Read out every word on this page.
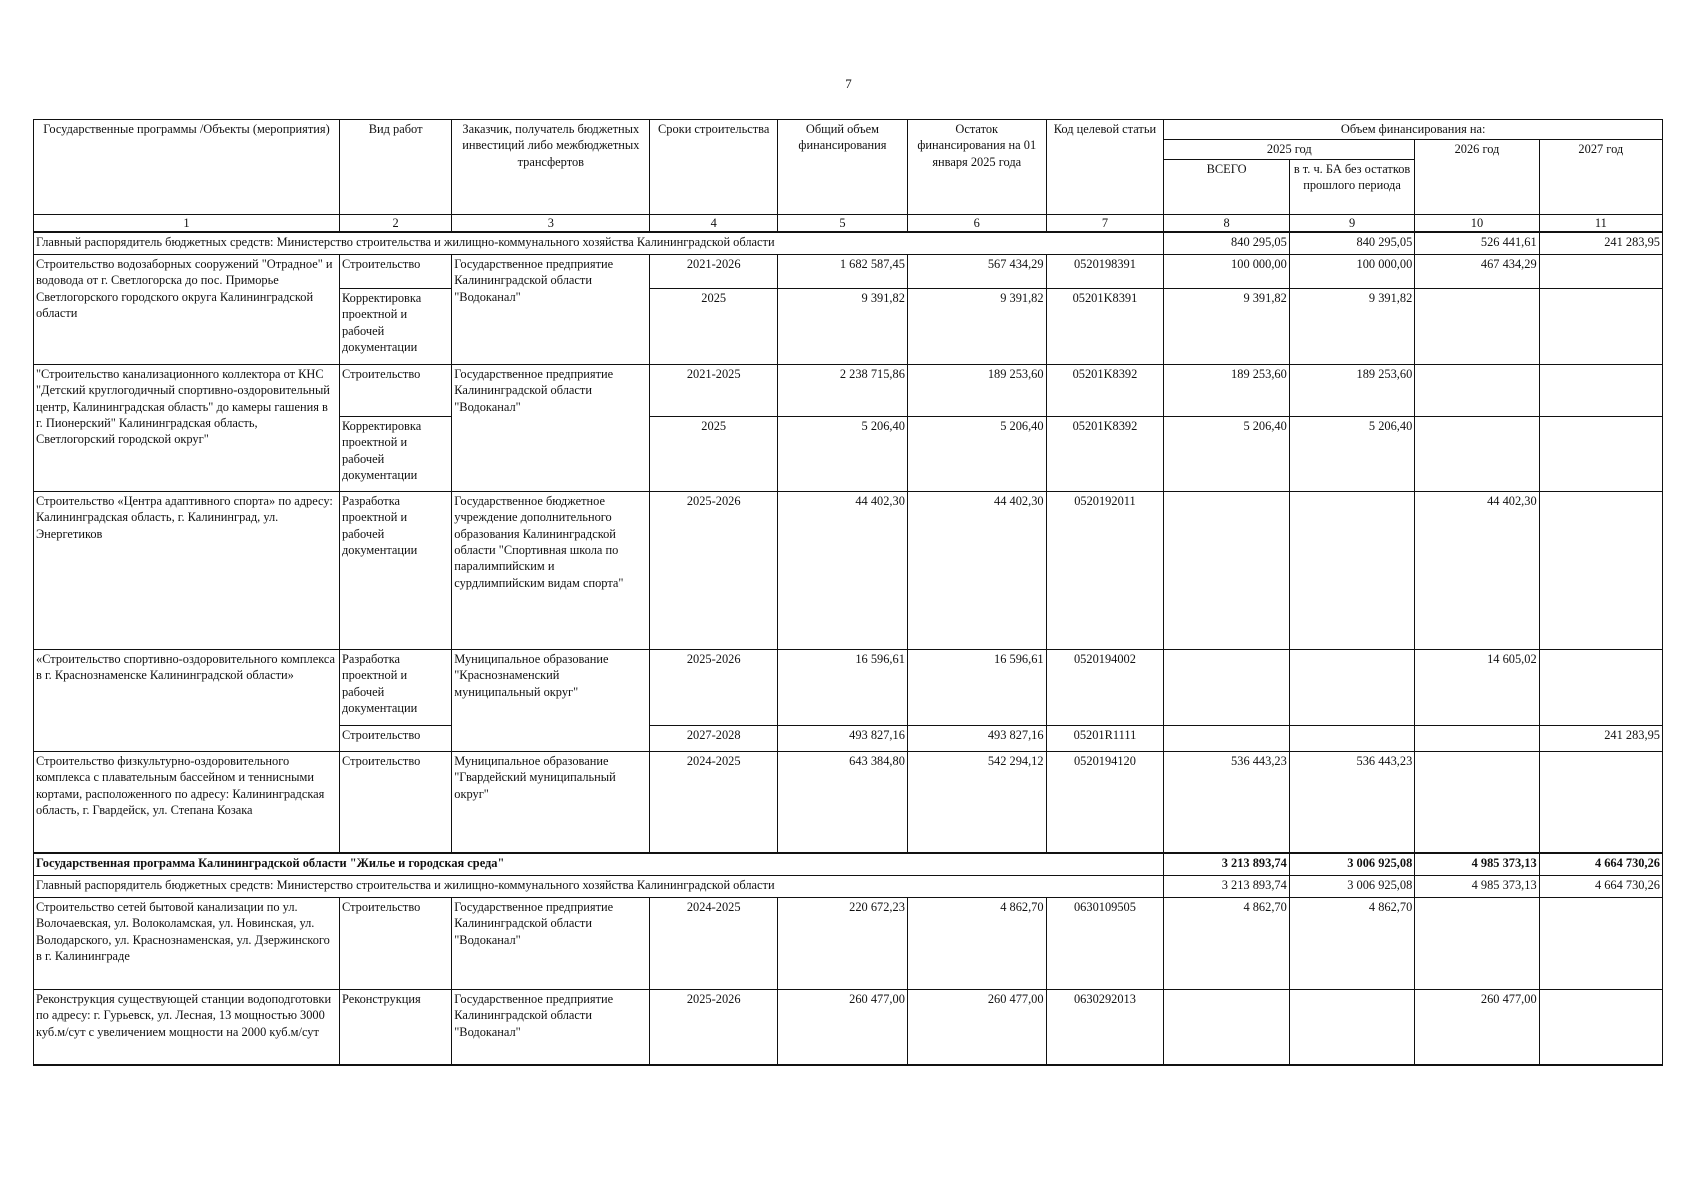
7
Государственные программы /Объекты (мероприятия)	Вид работ	Заказчик, получатель бюджетных инвестиций либо межбюджетных трансфертов	Сроки строительства	Общий объем финансирования	Остаток финансирования на 01 января 2025 года	Код целевой статьи	Объем финансирования на:			
							2025 год		2026 год	2027 год
							ВСЕГО	в т. ч. БА без остатков прошлого периода		
1	2	3	4	5	6	7	8	9	10	11
Главный распорядитель бюджетных средств: Министерство строительства и жилищно-коммунального хозяйства Калининградской области							840 295,05	840 295,05	526 441,61	241 283,95
Строительство водозаборных сооружений "Отрадное" и водовода от г. Светлогорска до пос. Приморье Светлогорского городского округа Калининградской области	Строительство	Государственное предприятие Калининградской области "Водоканал"	2021-2026	1 682 587,45	567 434,29	0520198391	100 000,00	100 000,00	467 434,29	
	Корректировка проектной и рабочей документации		2025	9 391,82	9 391,82	05201K8391	9 391,82	9 391,82		
"Строительство канализационного коллектора от КНС "Детский круглогодичный спортивно-оздоровительный центр, Калининградская область" до камеры гашения в г. Пионерский" Калининградская область, Светлогорский городской округ"	Строительство	Государственное предприятие Калининградской области "Водоканал"	2021-2025	2 238 715,86	189 253,60	05201K8392	189 253,60	189 253,60		
	Корректировка проектной и рабочей документации		2025	5 206,40	5 206,40	05201K8392	5 206,40	5 206,40		
Строительство «Центра адаптивного спорта» по адресу: Калининградская область, г. Калининград, ул. Энергетиков	Разработка проектной и рабочей документации	Государственное бюджетное учреждение дополнительного образования Калининградской области "Спортивная школа по паралимпийским и сурдлимпийским видам спорта"	2025-2026	44 402,30	44 402,30	0520192011			44 402,30	
«Строительство спортивно-оздоровительного комплекса в г. Краснознаменске Калининградской области»	Разработка проектной и рабочей документации	Муниципальное образование "Краснознаменский муниципальный округ"	2025-2026	16 596,61	16 596,61	0520194002			14 605,02	
	Строительство		2027-2028	493 827,16	493 827,16	05201R1111				241 283,95
Строительство физкультурно-оздоровительного комплекса с плавательным бассейном и теннисными кортами, расположенного по адресу: Калининградская область, г. Гвардейск, ул. Степана Козака	Строительство	Муниципальное образование "Гвардейский муниципальный округ"	2024-2025	643 384,80	542 294,12	0520194120	536 443,23	536 443,23		
Государственная программа Калининградской области "Жилье и городская среда"							3 213 893,74	3 006 925,08	4 985 373,13	4 664 730,26
Главный распорядитель бюджетных средств: Министерство строительства и жилищно-коммунального хозяйства Калининградской области							3 213 893,74	3 006 925,08	4 985 373,13	4 664 730,26
Строительство сетей бытовой канализации по ул. Волочаевская, ул. Волоколамская, ул. Новинская, ул. Володарского, ул. Краснознаменская, ул. Дзержинского в г. Калининграде	Строительство	Государственное предприятие Калининградской области "Водоканал"	2024-2025	220 672,23	4 862,70	0630109505	4 862,70	4 862,70		
Реконструкция существующей станции водоподготовки по адресу: г. Гурьевск, ул. Лесная, 13 мощностью 3000 куб.м/сут с увеличением мощности на 2000 куб.м/сут	Реконструкция	Государственное предприятие Калининградской области "Водоканал"	2025-2026	260 477,00	260 477,00	0630292013			260 477,00	
